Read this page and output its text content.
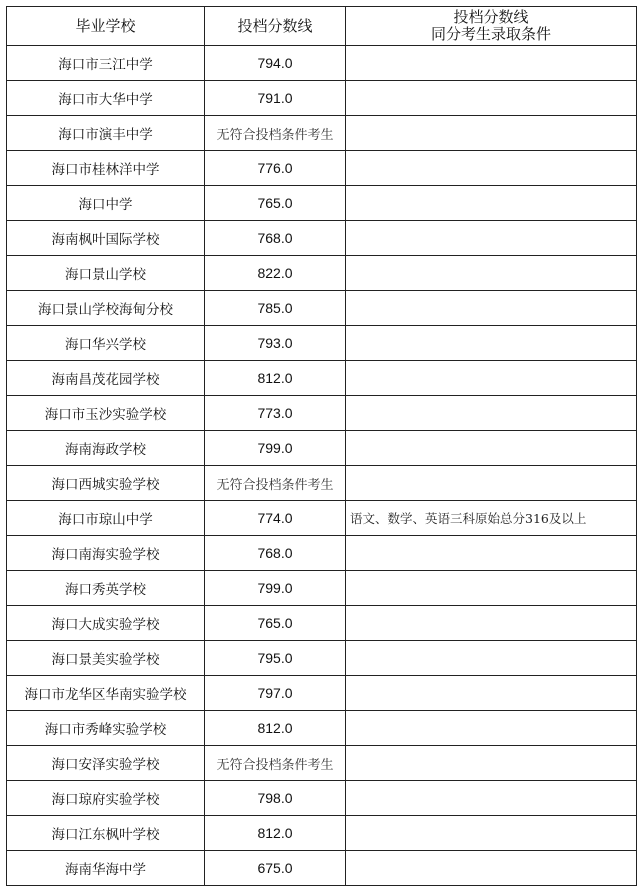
毕业学校	投档分数线	投档分数线
同分考生录取条件

海口市三江中学	794.0	
海口市大华中学	791.0	
海口市演丰中学	无符合投档条件考生	
海口市桂林洋中学	776.0	
海口中学	765.0	
海南枫叶国际学校	768.0	
海口景山学校	822.0	
海口景山学校海甸分校	785.0	
海口华兴学校	793.0	
海南昌茂花园学校	812.0	
海口市玉沙实验学校	773.0	
海南海政学校	799.0	
海口西城实验学校	无符合投档条件考生	
海口市琼山中学	774.0	语文、数学、英语三科原始总分316及以上
海口南海实验学校	768.0	
海口秀英学校	799.0	
海口大成实验学校	765.0	
海口景美实验学校	795.0	
海口市龙华区华南实验学校	797.0	
海口市秀峰实验学校	812.0	
海口安泽实验学校	无符合投档条件考生	
海口琼府实验学校	798.0	
海口江东枫叶学校	812.0	
海南华海中学	675.0	
